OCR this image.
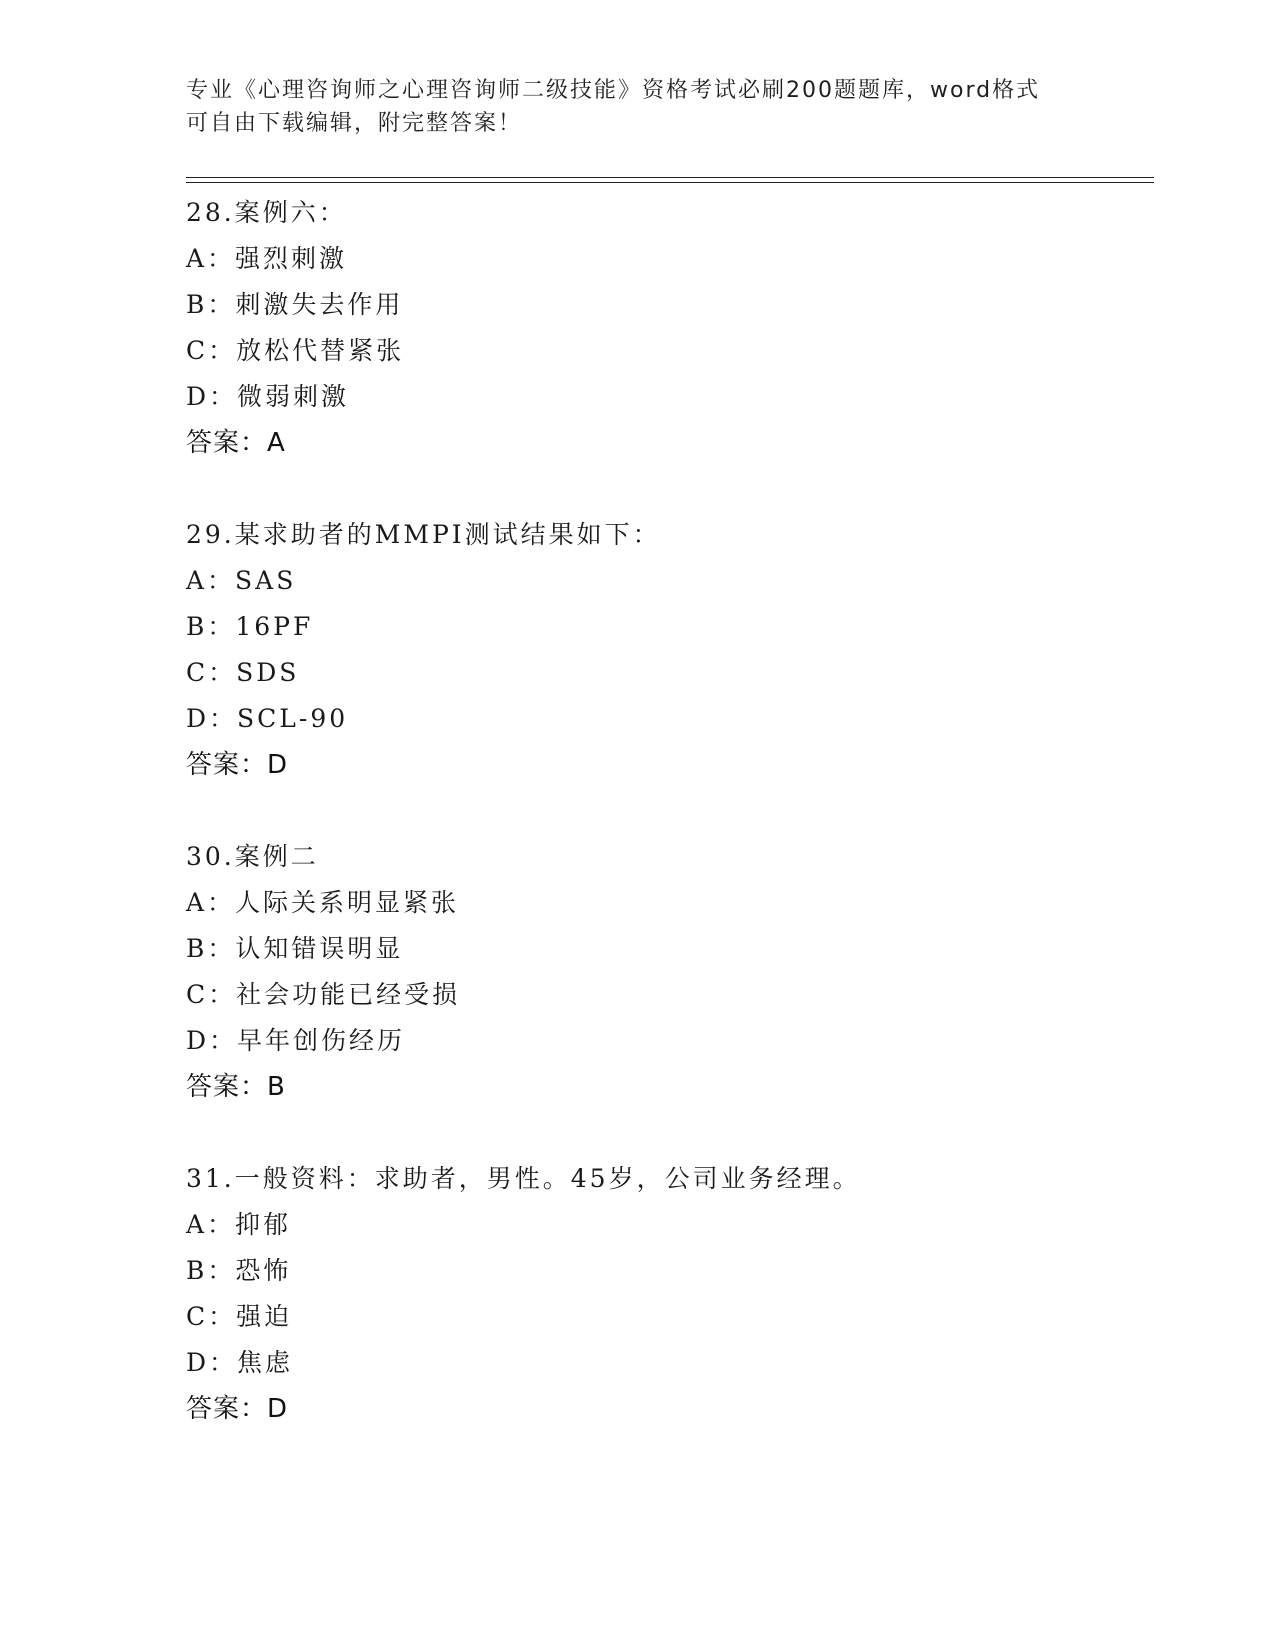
专业《心理咨询师之心理咨询师二级技能》资格考试必刷200题题库，word格式
可自由下载编辑，附完整答案！
28.案例六：
A：强烈刺激
B：刺激失去作用
C：放松代替紧张
D：微弱刺激
答案：A
29.某求助者的MMPI测试结果如下：
A：SAS
B：16PF
C：SDS
D：SCL-90
答案：D
30.案例二
A：人际关系明显紧张
B：认知错误明显
C：社会功能已经受损
D：早年创伤经历
答案：B
31.一般资料：求助者，男性。45岁，公司业务经理。
A：抑郁
B：恐怖
C：强迫
D：焦虑
答案：D
